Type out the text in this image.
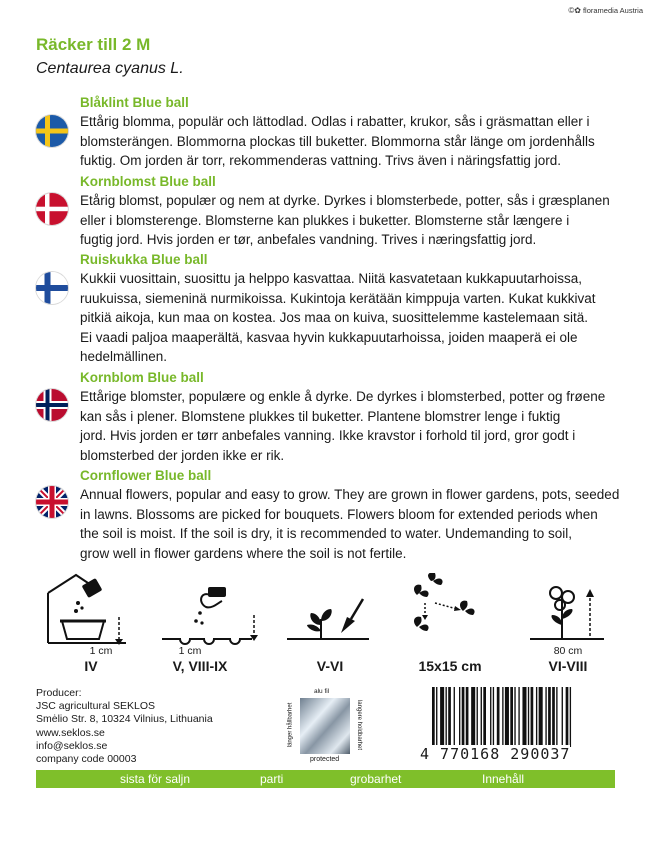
©✿ floramedia Austria
Räcker till 2 M

Centaurea cyanus L.

Blåklint Blue ball

Ettårig blomma, populär och lättodlad. Odlas i rabatter, krukor, sås i gräsmattan eller i
blomsterängen. Blommorna plockas till buketter. Blommorna står länge om jordenhålls
fuktig. Om jorden är torr, rekommenderas vattning. Trivs även i näringsfattig jord.

Kornblomst Blue ball

Etårig blomst, populær og nem at dyrke. Dyrkes i blomsterbede, potter, sås i græsplanen
eller i blomsterenge. Blomsterne kan plukkes i buketter. Blomsterne står længere i
fugtig jord. Hvis jorden er tør, anbefales vandning. Trives i næringsfattig jord.

Ruiskukka Blue ball

Kukkii vuosittain, suosittu ja helppo kasvattaa. Niitä kasvatetaan kukkapuutarhoissa,
ruukuissa, siemeninä nurmikoissa. Kukintoja kerätään kimppuja varten. Kukat kukkivat
pitkiä aikoja, kun maa on kostea. Jos maa on kuiva, suosittelemme kastelemaan sitä.
Ei vaadi paljoa maaperältä, kasvaa hyvin kukkapuutarhoissa, joiden maaperä ei ole
hedelmällinen.

Kornblom Blue ball

Ettårige blomster, populære og enkle å dyrke. De dyrkes i blomsterbed, potter og frøene
kan sås i plener. Blomstene plukkes til buketter. Plantene blomstrer lenge i fuktig
jord. Hvis jorden er tørr anbefales vanning. Ikke kravstor i forhold til jord, gror godt i
blomsterbed der jorden ikke er rik.

Cornflower Blue ball

Annual flowers, popular and easy to grow. They are grown in flower gardens, pots, seeded
in lawns. Blossoms are picked for bouquets. Flowers bloom for extended periods when
the soil is moist. If the soil is dry, it is recommended to water. Undemanding to soil,
grow well in flower gardens where the soil is not fertile.

1 cm
IV
1 cm
V, VIII-IX	V-VI	15x15 cm
80 cm
VI-VIII
Producer:
JSC agricultural SEKLOS
Smėlio Str. 8, 10324 Vilnius, Lithuania
www.seklos.se
info@seklos.se
company code 00003
alu fil
länger hållbarhet	langere holdbarhet
protected	4 770168 290037
sista för saljn	parti	grobarhet	Innehåll
